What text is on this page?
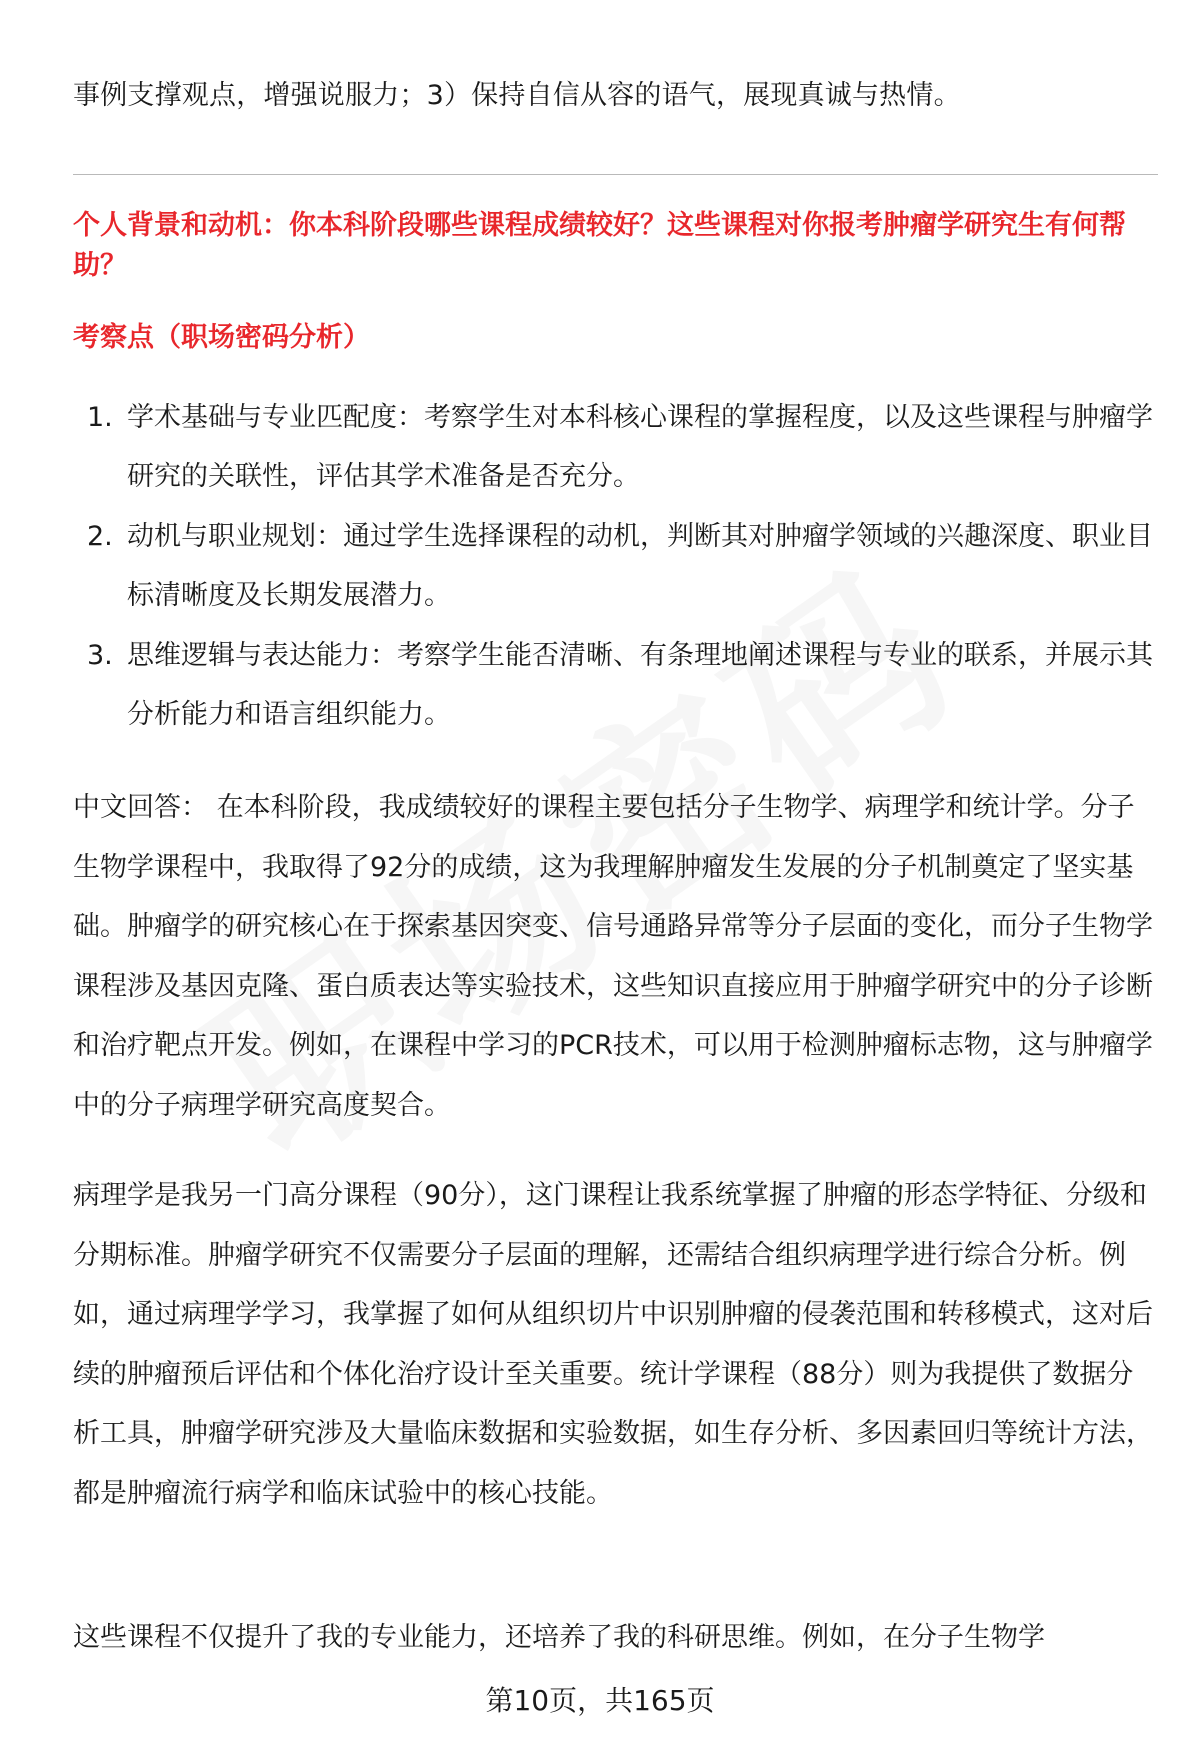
事例支撑观点，增强说服力；3）保持自信从容的语气，展现真诚与热情。
个人背景和动机：你本科阶段哪些课程成绩较好？这些课程对你报考肿瘤学研究生有何帮助？
考察点（职场密码分析）
1. 学术基础与专业匹配度：考察学生对本科核心课程的掌握程度，以及这些课程与肿瘤学研究的关联性，评估其学术准备是否充分。
2. 动机与职业规划：通过学生选择课程的动机，判断其对肿瘤学领域的兴趣深度、职业目标清晰度及长期发展潜力。
3. 思维逻辑与表达能力：考察学生能否清晰、有条理地阐述课程与专业的联系，并展示其分析能力和语言组织能力。

中文回答： 在本科阶段，我成绩较好的课程主要包括分子生物学、病理学和统计学。分子生物学课程中，我取得了92分的成绩，这为我理解肿瘤发生发展的分子机制奠定了坚实基础。肿瘤学的研究核心在于探索基因突变、信号通路异常等分子层面的变化，而分子生物学课程涉及基因克隆、蛋白质表达等实验技术，这些知识直接应用于肿瘤学研究中的分子诊断和治疗靶点开发。例如，在课程中学习的PCR技术，可以用于检测肿瘤标志物，这与肿瘤学中的分子病理学研究高度契合。

病理学是我另一门高分课程（90分），这门课程让我系统掌握了肿瘤的形态学特征、分级和分期标准。肿瘤学研究不仅需要分子层面的理解，还需结合组织病理学进行综合分析。例如，通过病理学学习，我掌握了如何从组织切片中识别肿瘤的侵袭范围和转移模式，这对后续的肿瘤预后评估和个体化治疗设计至关重要。统计学课程（88分）则为我提供了数据分析工具，肿瘤学研究涉及大量临床数据和实验数据，如生存分析、多因素回归等统计方法，都是肿瘤流行病学和临床试验中的核心技能。

这些课程不仅提升了我的专业能力，还培养了我的科研思维。例如，在分子生物学

第10页，共165页
